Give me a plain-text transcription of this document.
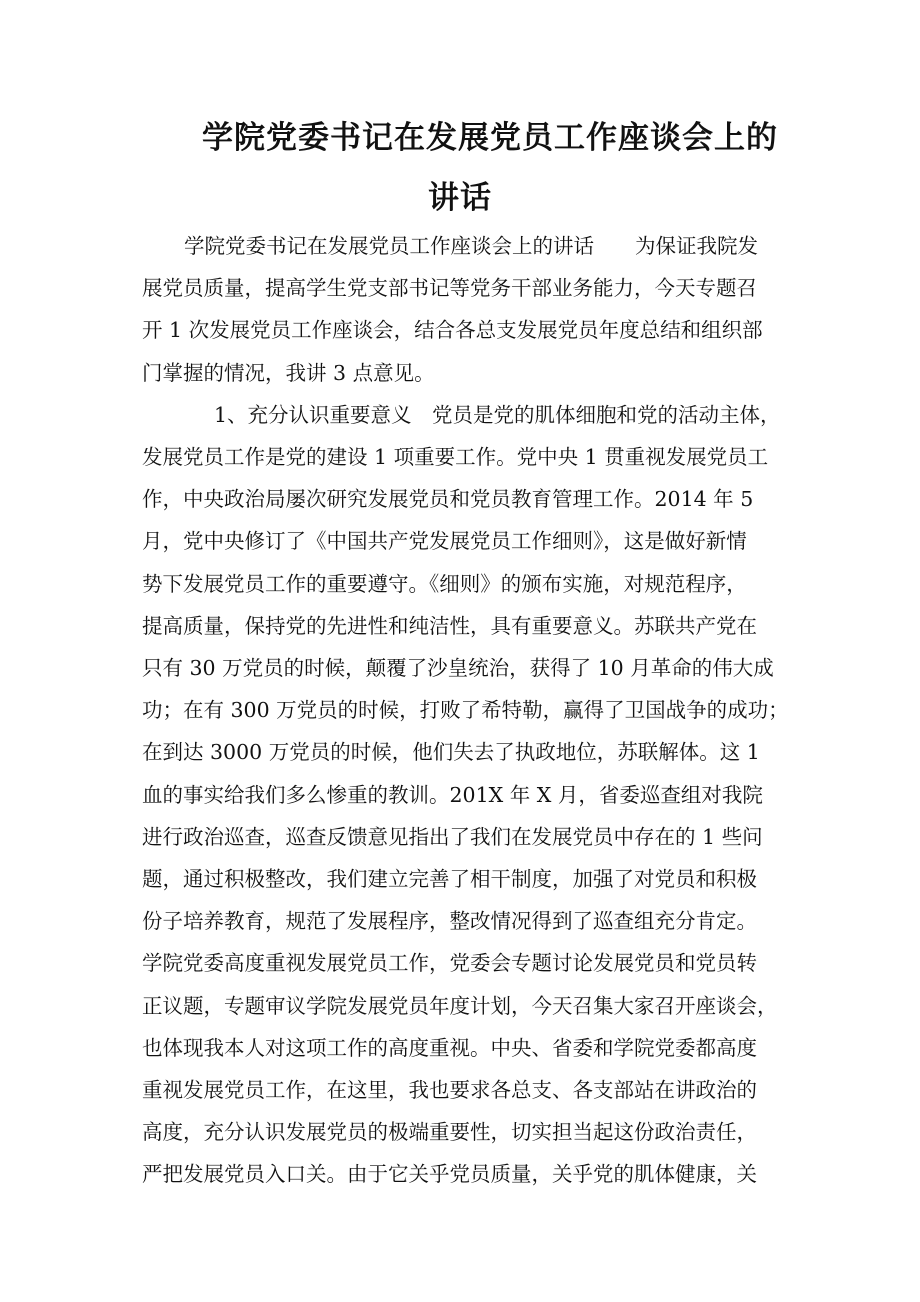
学院党委书记在发展党员工作座谈会上的
讲话
学院党委书记在发展党员工作座谈会上的讲话　　为保证我院发
展党员质量，提高学生党支部书记等党务干部业务能力，今天专题召
开 1 次发展党员工作座谈会，结合各总支发展党员年度总结和组织部
门掌握的情况，我讲 3 点意见。
1、充分认识重要意义　党员是党的肌体细胞和党的活动主体，
发展党员工作是党的建设 1 项重要工作。党中央 1 贯重视发展党员工
作，中央政治局屡次研究发展党员和党员教育管理工作。2014 年 5
月，党中央修订了《中国共产党发展党员工作细则》，这是做好新情
势下发展党员工作的重要遵守。《细则》的颁布实施，对规范程序，
提高质量，保持党的先进性和纯洁性，具有重要意义。苏联共产党在
只有 30 万党员的时候，颠覆了沙皇统治，获得了 10 月革命的伟大成
功；在有 300 万党员的时候，打败了希特勒，赢得了卫国战争的成功；
在到达 3000 万党员的时候，他们失去了执政地位，苏联解体。这 1
血的事实给我们多么惨重的教训。201X 年 X 月，省委巡查组对我院
进行政治巡查，巡查反馈意见指出了我们在发展党员中存在的 1 些问
题，通过积极整改，我们建立完善了相干制度，加强了对党员和积极
份子培养教育，规范了发展程序，整改情况得到了巡查组充分肯定。
学院党委高度重视发展党员工作，党委会专题讨论发展党员和党员转
正议题，专题审议学院发展党员年度计划，今天召集大家召开座谈会，
也体现我本人对这项工作的高度重视。中央、省委和学院党委都高度
重视发展党员工作，在这里，我也要求各总支、各支部站在讲政治的
高度，充分认识发展党员的极端重要性，切实担当起这份政治责任，
严把发展党员入口关。由于它关乎党员质量，关乎党的肌体健康，关
